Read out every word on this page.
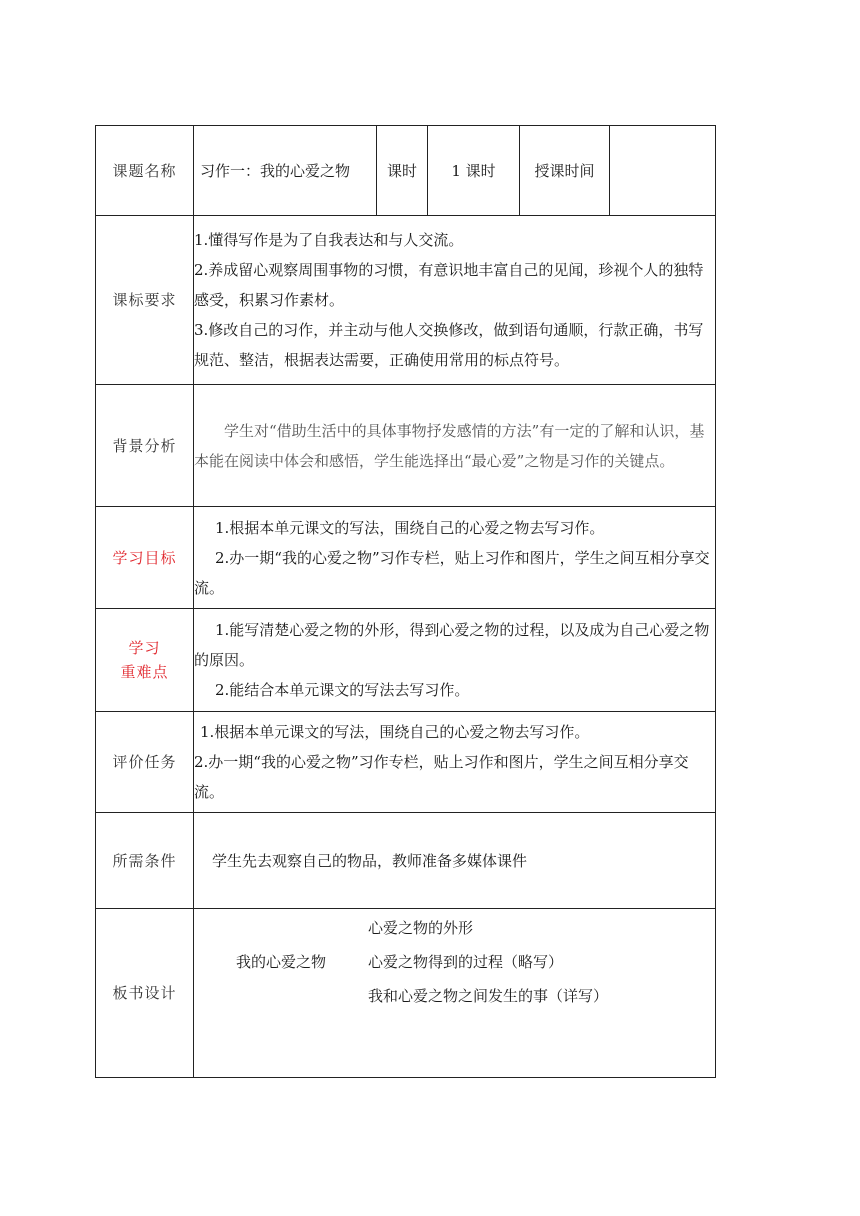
课题名称	习作一：我的心爱之物	课时	1 课时	授课时间	
课标要求	1.懂得写作是为了自我表达和与人交流。
2.养成留心观察周围事物的习惯，有意识地丰富自己的见闻，珍视个人的独特感受，积累习作素材。
3.修改自己的习作，并主动与他人交换修改，做到语句通顺，行款正确，书写规范、整洁，根据表达需要，正确使用常用的标点符号。				

背景分析	学生对“借助生活中的具体事物抒发感情的方法”有一定的了解和认识，基本能在阅读中体会和感悟，学生能选择出“最心爱”之物是习作的关键点。				

学习目标	1.根据本单元课文的写法，围绕自己的心爱之物去写习作。
2.办一期“我的心爱之物”习作专栏，贴上习作和图片，学生之间互相分享交流。				

学习
重难点	1.能写清楚心爱之物的外形，得到心爱之物的过程，以及成为自己心爱之物的原因。
2.能结合本单元课文的写法去写习作。				

评价任务	1.根据本单元课文的写法，围绕自己的心爱之物去写习作。
2.办一期“我的心爱之物”习作专栏，贴上习作和图片，学生之间互相分享交流。				

所需条件	学生先去观察自己的物品，教师准备多媒体课件				

板书设计	我的心爱之物
心爱之物的外形
心爱之物得到的过程（略写）
我和心爱之物之间发生的事（详写）				
